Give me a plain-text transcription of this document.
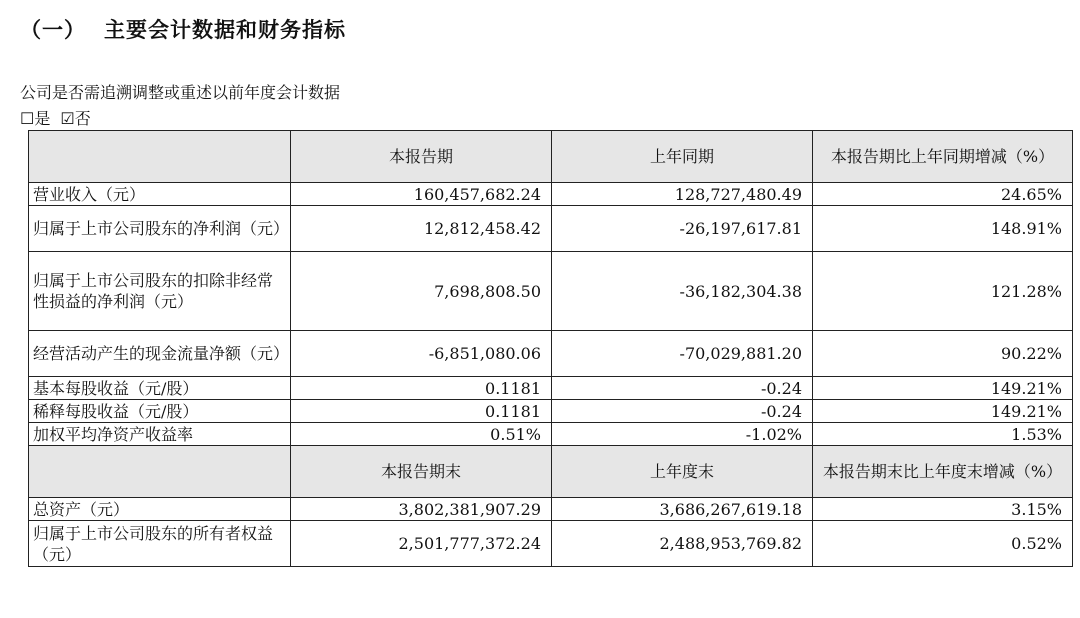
（一） 主要会计数据和财务指标
公司是否需追溯调整或重述以前年度会计数据
☐是 ☑否
	本报告期	上年同期	本报告期比上年同期增减（%）
营业收入（元）	160,457,682.24	128,727,480.49	24.65%
归属于上市公司股东的净利润（元）	12,812,458.42	-26,197,617.81	148.91%
归属于上市公司股东的扣除非经常性损益的净利润（元）	7,698,808.50	-36,182,304.38	121.28%
经营活动产生的现金流量净额（元）	-6,851,080.06	-70,029,881.20	90.22%
基本每股收益（元/股）	0.1181	-0.24	149.21%
稀释每股收益（元/股）	0.1181	-0.24	149.21%
加权平均净资产收益率	0.51%	-1.02%	1.53%
	本报告期末	上年度末	本报告期末比上年度末增减（%）
总资产（元）	3,802,381,907.29	3,686,267,619.18	3.15%
归属于上市公司股东的所有者权益（元）	2,501,777,372.24	2,488,953,769.82	0.52%
